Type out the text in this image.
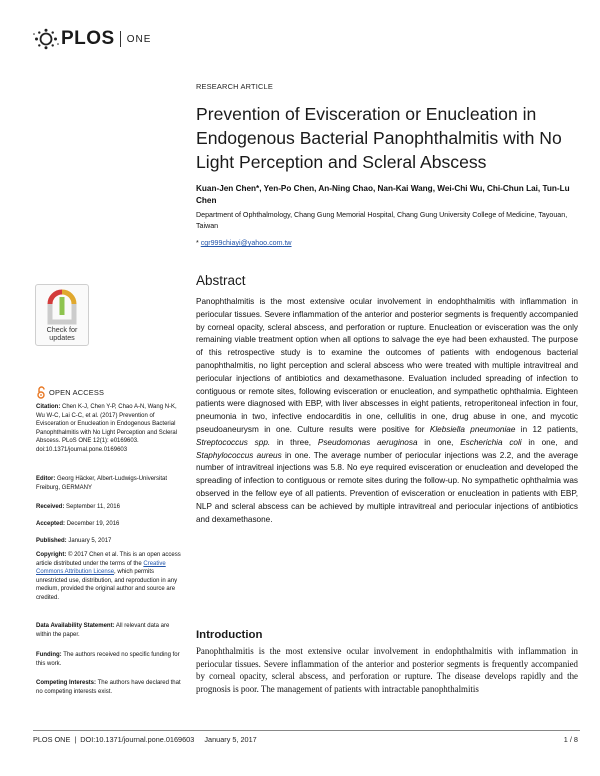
PLOS ONE
RESEARCH ARTICLE
Prevention of Evisceration or Enucleation in Endogenous Bacterial Panophthalmitis with No Light Perception and Scleral Abscess
Kuan-Jen Chen*, Yen-Po Chen, An-Ning Chao, Nan-Kai Wang, Wei-Chi Wu, Chi-Chun Lai, Tun-Lu Chen
Department of Ophthalmology, Chang Gung Memorial Hospital, Chang Gung University College of Medicine, Tayouan, Taiwan
* cgr999chiayi@yahoo.com.tw
Abstract

Panophthalmitis is the most extensive ocular involvement in endophthalmitis with inflammation in periocular tissues. Severe inflammation of the anterior and posterior segments is frequently accompanied by corneal opacity, scleral abscess, and perforation or rupture. Enucleation or evisceration was the only remaining viable treatment option when all options to salvage the eye had been exhausted. The purpose of this retrospective study is to examine the outcomes of patients with endogenous bacterial panophthalmitis, no light perception and scleral abscess who were treated with multiple intravitreal and periocular injections of antibiotics and dexamethasone. Evaluation included spreading of infection to contiguous or remote sites, following evisceration or enucleation, and sympathetic ophthalmia. Eighteen patients were diagnosed with EBP, with liver abscesses in eight patients, retroperitoneal infection in four, pneumonia in two, infective endocarditis in one, cellulitis in one, drug abuse in one, and mycotic pseudoaneurysm in one. Culture results were positive for Klebsiella pneumoniae in 12 patients, Streptococcus spp. in three, Pseudomonas aeruginosa in one, Escherichia coli in one, and Staphylococcus aureus in one. The average number of periocular injections was 2.2, and the average number of intravitreal injections was 5.8. No eye required evisceration or enucleation and developed the spreading of infection to contiguous or remote sites during the follow-up. No sympathetic ophthalmia was observed in the fellow eye of all patients. Prevention of evisceration or enucleation in patients with EBP, NLP and scleral abscess can be achieved by multiple intravitreal and periocular injections of antibiotics and dexamethasone.

Introduction

Panophthalmitis is the most extensive ocular involvement in endophthalmitis with inflammation in periocular tissues. Severe inflammation of the anterior and posterior segments is frequently accompanied by corneal opacity, scleral abscess, and perforation or rupture. The disease develops rapidly and the prognosis is poor. The management of patients with intractable panophthalmitis

Check for
updates
OPEN ACCESS
Citation: Chen K-J, Chen Y-P, Chao A-N, Wang N-K, Wu W-C, Lai C-C, et al. (2017) Prevention of Evisceration or Enucleation in Endogenous Bacterial Panophthalmitis with No Light Perception and Scleral Abscess. PLoS ONE 12(1): e0169603. doi:10.1371/journal.pone.0169603
Editor: Georg Häcker, Albert-Ludwigs-Universitat Freiburg, GERMANY
Received: September 11, 2016
Accepted: December 19, 2016
Published: January 5, 2017
Copyright: © 2017 Chen et al. This is an open access article distributed under the terms of the Creative Commons Attribution License, which permits unrestricted use, distribution, and reproduction in any medium, provided the original author and source are credited.
Data Availability Statement: All relevant data are within the paper.
Funding: The authors received no specific funding for this work.
Competing Interests: The authors have declared that no competing interests exist.
PLOS ONE | DOI:10.1371/journal.pone.0169603 January 5, 2017	1 / 8
